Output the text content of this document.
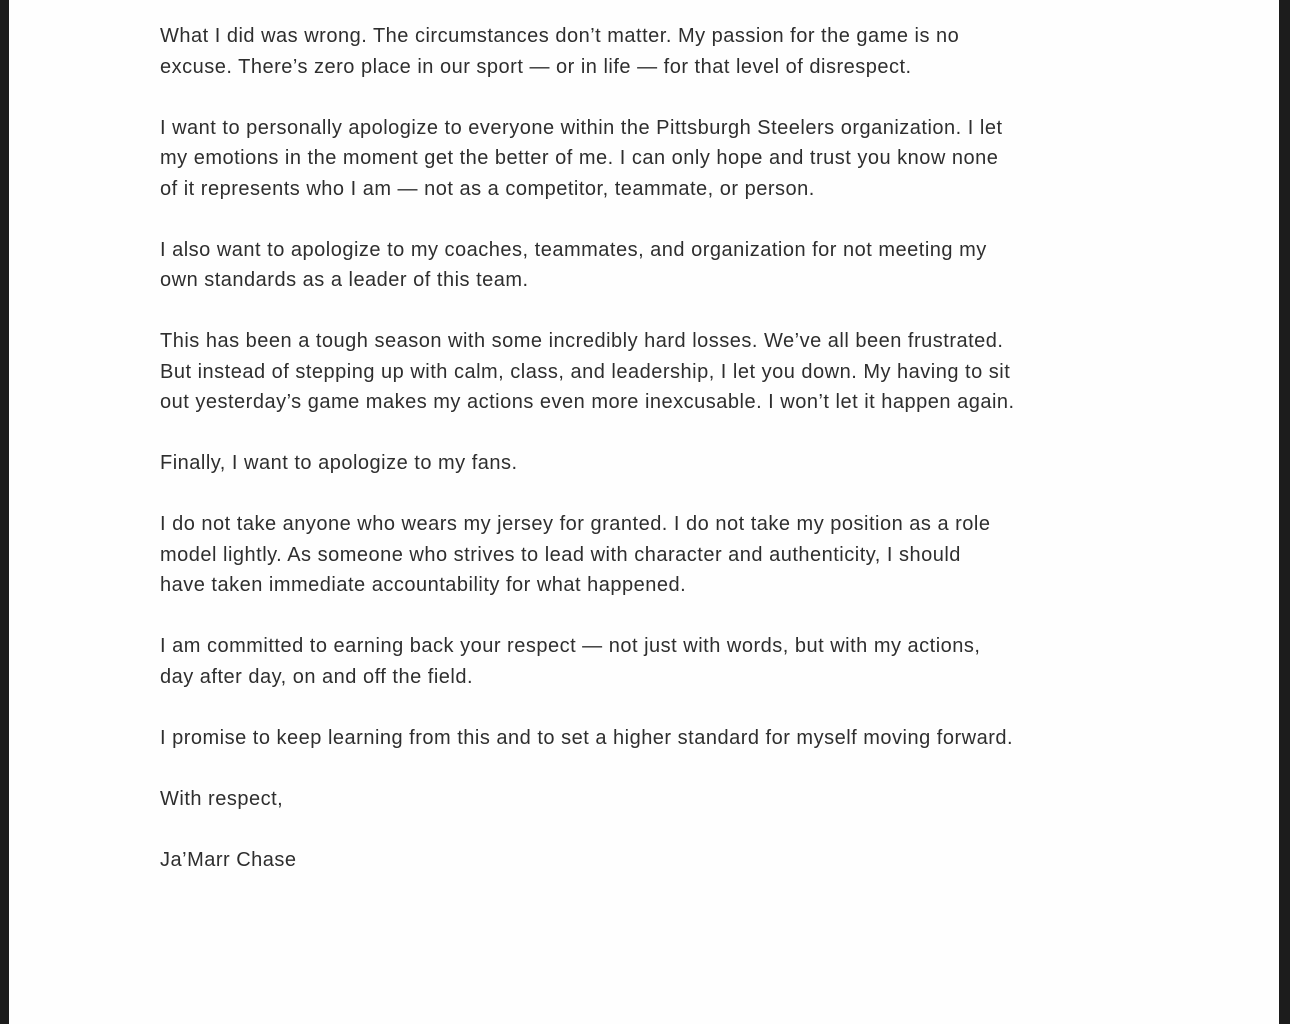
What I did was wrong. The circumstances don’t matter. My passion for the game is no
excuse. There’s zero place in our sport — or in life — for that level of disrespect.

I want to personally apologize to everyone within the Pittsburgh Steelers organization. I let
my emotions in the moment get the better of me. I can only hope and trust you know none
of it represents who I am — not as a competitor, teammate, or person.

I also want to apologize to my coaches, teammates, and organization for not meeting my
own standards as a leader of this team.

This has been a tough season with some incredibly hard losses. We’ve all been frustrated.
But instead of stepping up with calm, class, and leadership, I let you down. My having to sit
out yesterday’s game makes my actions even more inexcusable. I won’t let it happen again.

Finally, I want to apologize to my fans.

I do not take anyone who wears my jersey for granted. I do not take my position as a role
model lightly. As someone who strives to lead with character and authenticity, I should
have taken immediate accountability for what happened.

I am committed to earning back your respect — not just with words, but with my actions,
day after day, on and off the field.

I promise to keep learning from this and to set a higher standard for myself moving forward.

With respect,

Ja’Marr Chase
